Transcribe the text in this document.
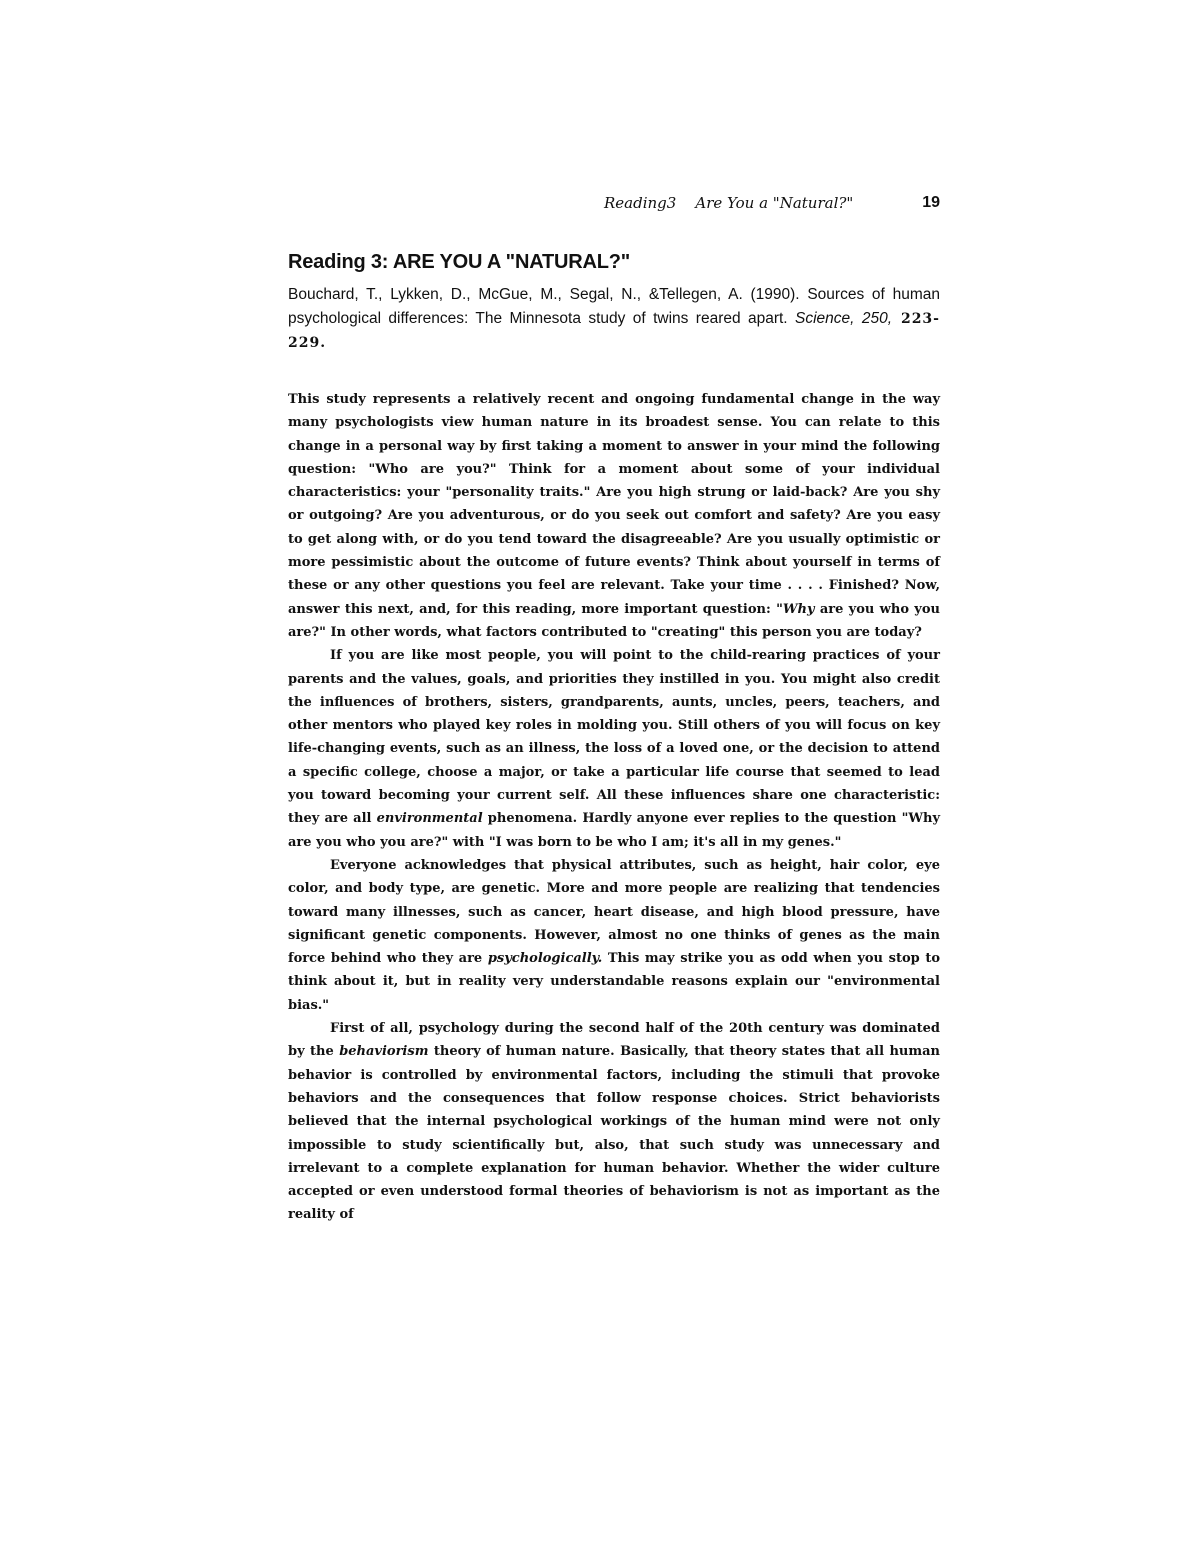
Reading3    Are You a "Natural?"	19
Reading 3: ARE YOU A "NATURAL?"

Bouchard, T., Lykken, D., McGue, M., Segal, N., &Tellegen, A. (1990). Sources of human psychological differences: The Minnesota study of twins reared apart. Science, 250, 223-229.

This study represents a relatively recent and ongoing fundamental change in the way many psychologists view human nature in its broadest sense. You can relate to this change in a personal way by first taking a moment to answer in your mind the following question: "Who are you?" Think for a moment about some of your individual characteristics: your "personality traits." Are you high strung or laid-back? Are you shy or outgoing? Are you adventurous, or do you seek out comfort and safety? Are you easy to get along with, or do you tend toward the disagreeable? Are you usually optimistic or more pessimistic about the outcome of future events? Think about yourself in terms of these or any other questions you feel are relevant. Take your time . . . . Finished? Now, answer this next, and, for this reading, more important question: "Why are you who you are?" In other words, what factors contributed to "creating" this person you are today?

If you are like most people, you will point to the child-rearing practices of your parents and the values, goals, and priorities they instilled in you. You might also credit the influences of brothers, sisters, grandparents, aunts, uncles, peers, teachers, and other mentors who played key roles in molding you. Still others of you will focus on key life-changing events, such as an illness, the loss of a loved one, or the decision to attend a specific college, choose a major, or take a particular life course that seemed to lead you toward becoming your current self. All these influences share one characteristic: they are all environmental phenomena. Hardly anyone ever replies to the question "Why are you who you are?" with "I was born to be who I am; it's all in my genes."

Everyone acknowledges that physical attributes, such as height, hair color, eye color, and body type, are genetic. More and more people are realizing that tendencies toward many illnesses, such as cancer, heart disease, and high blood pressure, have significant genetic components. However, almost no one thinks of genes as the main force behind who they are psychologically. This may strike you as odd when you stop to think about it, but in reality very understandable reasons explain our "environmental bias."

First of all, psychology during the second half of the 20th century was dominated by the behaviorism theory of human nature. Basically, that theory states that all human behavior is controlled by environmental factors, including the stimuli that provoke behaviors and the consequences that follow response choices. Strict behaviorists believed that the internal psychological workings of the human mind were not only impossible to study scientifically but, also, that such study was unnecessary and irrelevant to a complete explanation for human behavior. Whether the wider culture accepted or even understood formal theories of behaviorism is not as important as the reality of
